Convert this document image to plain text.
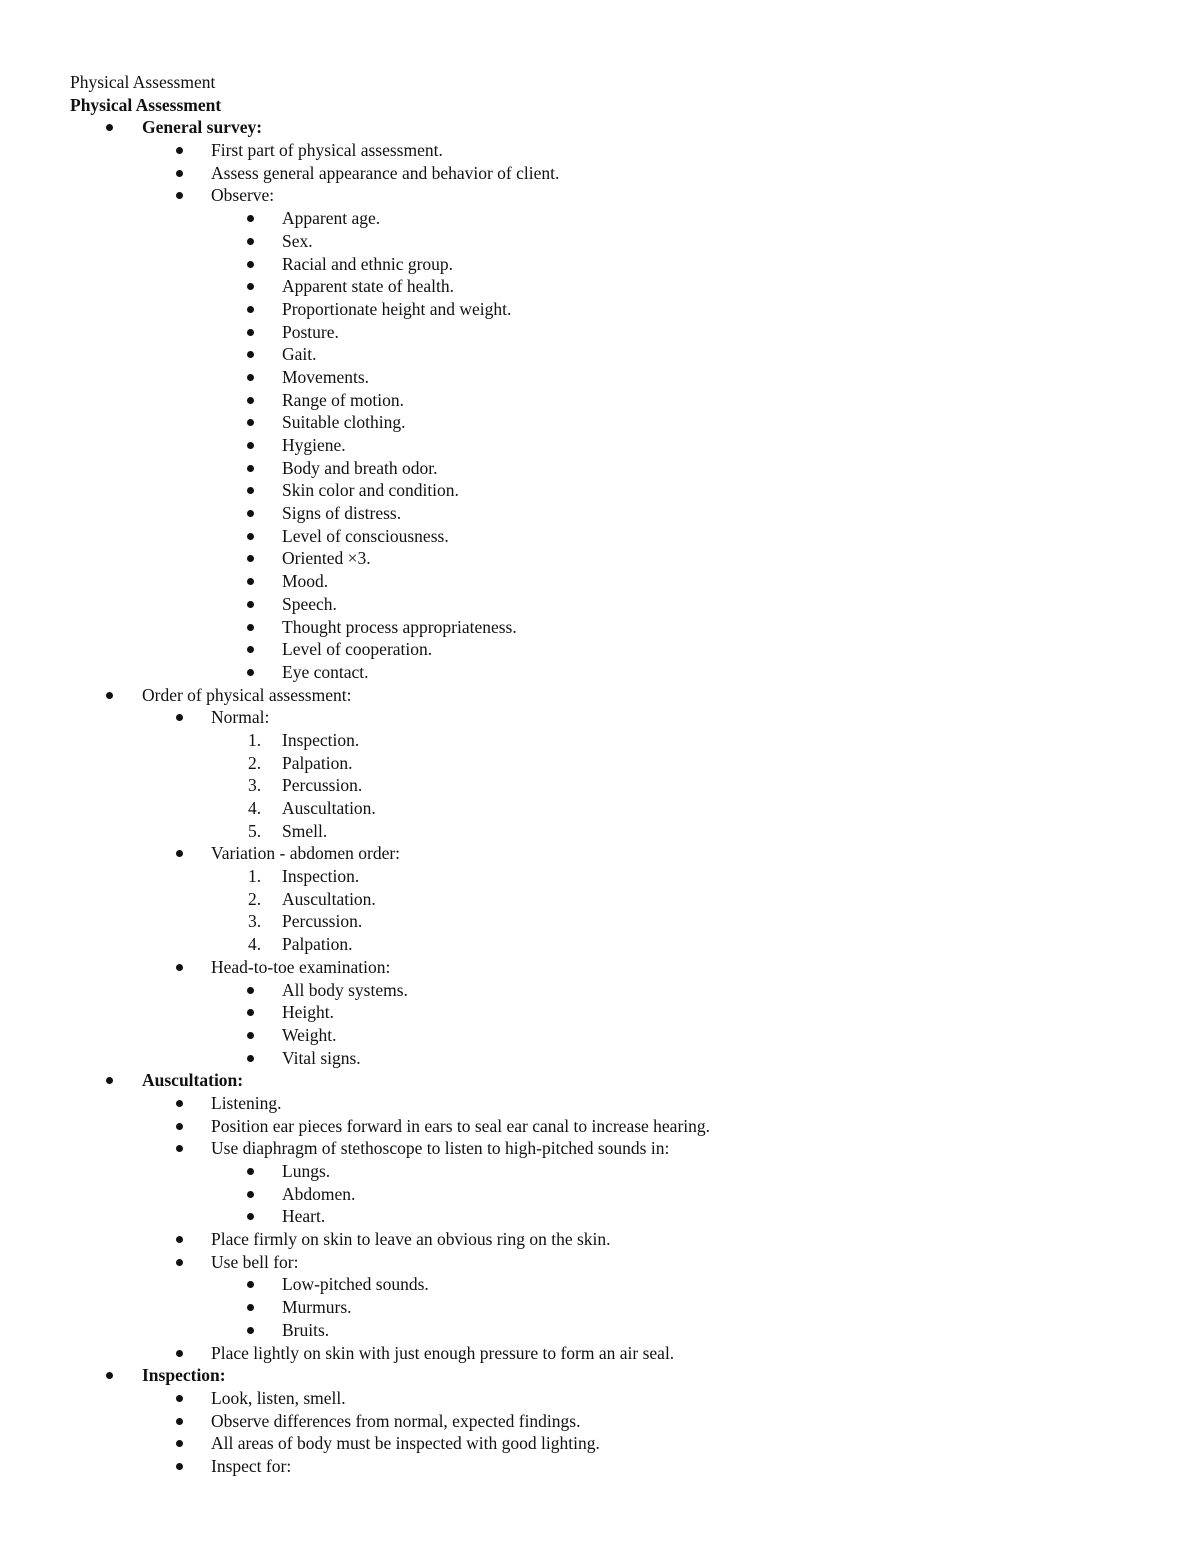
Physical Assessment
Physical Assessment
General survey:
First part of physical assessment.
Assess general appearance and behavior of client.
Observe:
Apparent age.
Sex.
Racial and ethnic group.
Apparent state of health.
Proportionate height and weight.
Posture.
Gait.
Movements.
Range of motion.
Suitable clothing.
Hygiene.
Body and breath odor.
Skin color and condition.
Signs of distress.
Level of consciousness.
Oriented ×3.
Mood.
Speech.
Thought process appropriateness.
Level of cooperation.
Eye contact.
Order of physical assessment:
Normal:
1. Inspection.
2. Palpation.
3. Percussion.
4. Auscultation.
5. Smell.
Variation - abdomen order:
1. Inspection.
2. Auscultation.
3. Percussion.
4. Palpation.
Head-to-toe examination:
All body systems.
Height.
Weight.
Vital signs.
Auscultation:
Listening.
Position ear pieces forward in ears to seal ear canal to increase hearing.
Use diaphragm of stethoscope to listen to high-pitched sounds in:
Lungs.
Abdomen.
Heart.
Place firmly on skin to leave an obvious ring on the skin.
Use bell for:
Low-pitched sounds.
Murmurs.
Bruits.
Place lightly on skin with just enough pressure to form an air seal.
Inspection:
Look, listen, smell.
Observe differences from normal, expected findings.
All areas of body must be inspected with good lighting.
Inspect for:
